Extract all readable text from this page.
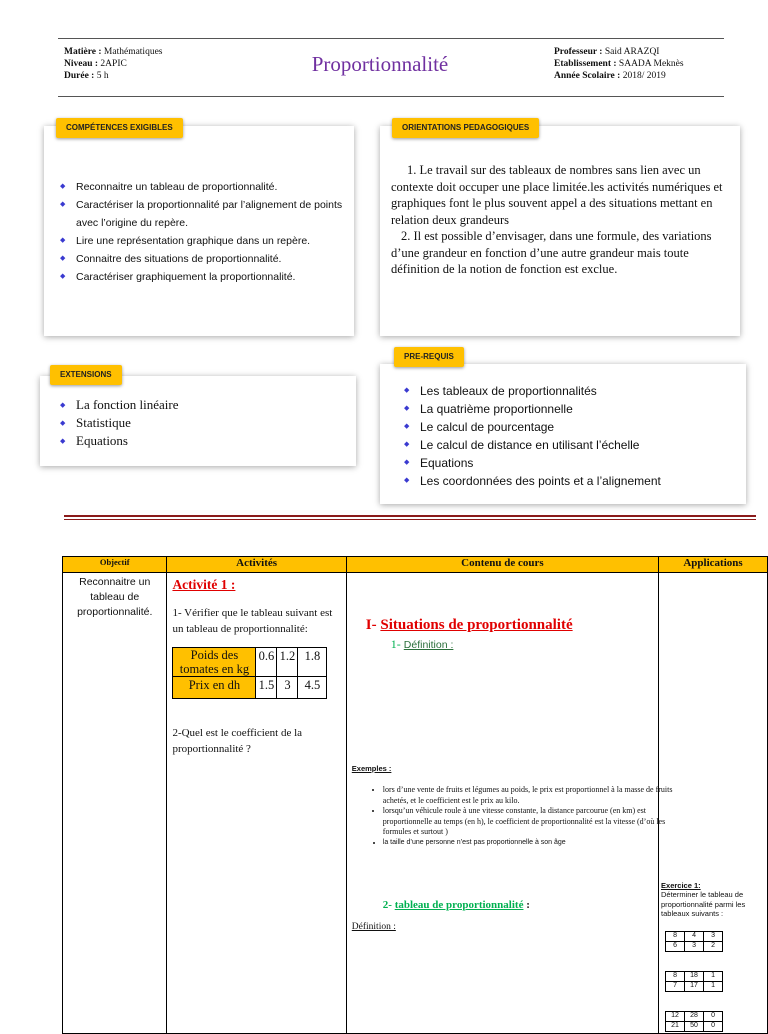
Matière : Mathématiques
Niveau : 2APIC
Durée : 5 h	Proportionnalité	Professeur : Said ARAZQI
Etablissement : SAADA Meknès
Année Scolaire : 2018/ 2019
◆ Reconnaitre un tableau de proportionnalité.
◆ Caractériser la proportionnalité par l’alignement de points avec l’origine du repère.
◆ Lire une représentation graphique dans un repère.
◆ Connaitre des situations de proportionnalité.
◆ Caractériser graphiquement la proportionnalité.
COMPÉTENCES EXIGIBLES
1. Le travail sur des tableaux de nombres sans lien avec un contexte doit occuper une place limitée.les activités numériques et graphiques font le plus souvent appel a des situations mettant en relation deux grandeurs
2. Il est possible d’envisager, dans une formule, des variations d’une grandeur en fonction d’une autre grandeur mais toute définition de la notion de fonction est exclue.
ORIENTATIONS PEDAGOGIQUES
◆ La fonction linéaire
◆ Statistique
◆ Equations
EXTENSIONS
◆ Les tableaux de proportionnalités
◆ La quatrième proportionnelle
◆ Le calcul de pourcentage
◆ Le calcul de distance en utilisant l’échelle
◆ Equations
◆ Les coordonnées des points et a l’alignement
PRE-REQUIS
Objectif	Activités	Contenu de cours	Applications

Reconnaitre un tableau de proportionnalité.

Activité 1 :
1- Vérifier que le tableau suivant est un tableau de proportionnalité:
Poids des tomates en kg	0.6	1.2	1.8
Prix en dh	1.5	3	4.5
2-Quel est le coefficient de la proportionnalité ?

I- Situations de proportionnalité
1- Définition :
Exemples :
• lors d’une vente de fruits et légumes au poids, le prix est proportionnel à la masse de fruits achetés, et le coefficient est le prix au kilo.
• lorsqu’un véhicule roule à une vitesse constante, la distance parcourue (en km) est proportionnelle au temps (en h), le coefficient de proportionnalité est la vitesse (d’où les formules et surtout )
• la taille d’une personne n’est pas proportionnelle à son âge
2- tableau de proportionnalité :
Définition :

Exercice 1:
Déterminer le tableau de proportionnalité parmi les tableaux suivants :
8	4	3
6	3	2
8	18	1
7	17	1
12	28	0
21	50	0
